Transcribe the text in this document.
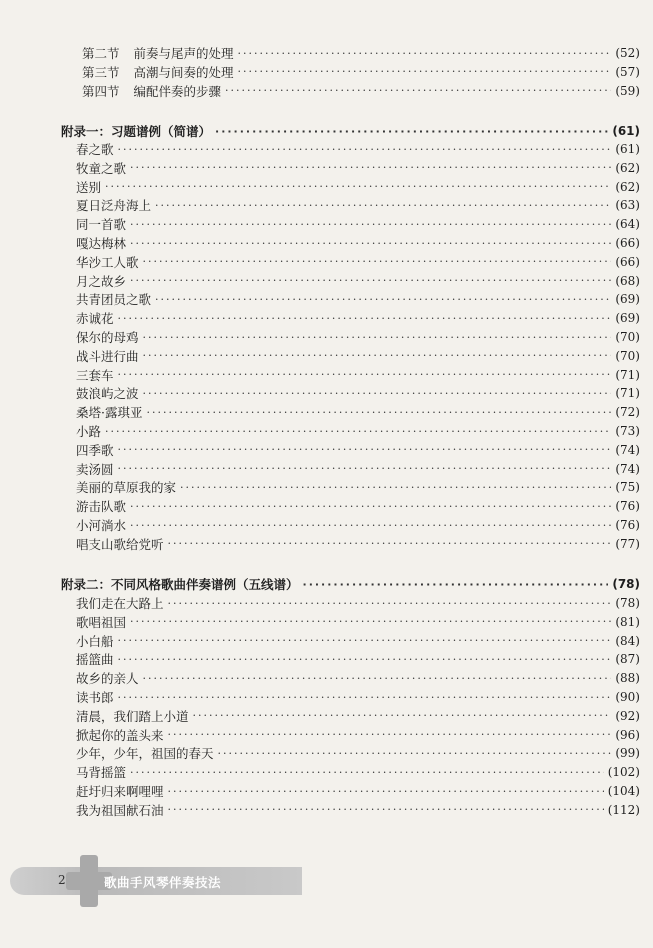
第二节 前奏与尾声的处理 ·····	(52)
第三节 高潮与间奏的处理 ·····	(57)
第四节 编配伴奏的步骤 ·····	(59)
附录一：习题谱例（简谱） ·····	(61)
春之歌 ·····	(61)
牧童之歌 ·····	(62)
送别 ·····	(62)
夏日泛舟海上 ·····	(63)
同一首歌 ·····	(64)
嘎达梅林 ·····	(66)
华沙工人歌 ·····	(66)
月之故乡 ·····	(68)
共青团员之歌 ·····	(69)
赤诚花 ·····	(69)
保尔的母鸡 ·····	(70)
战斗进行曲 ·····	(70)
三套车 ·····	(71)
鼓浪屿之波 ·····	(71)
桑塔·露琪亚 ·····	(72)
小路 ·····	(73)
四季歌 ·····	(74)
卖汤圆 ·····	(74)
美丽的草原我的家 ·····	(75)
游击队歌 ·····	(76)
小河淌水 ·····	(76)
唱支山歌给党听 ·····	(77)
附录二：不同风格歌曲伴奏谱例（五线谱） ·····	(78)
我们走在大路上 ·····	(78)
歌唱祖国 ·····	(81)
小白船 ·····	(84)
摇篮曲 ·····	(87)
故乡的亲人 ·····	(88)
读书郎 ·····	(90)
清晨，我们踏上小道 ·····	(92)
掀起你的盖头来 ·····	(96)
少年，少年，祖国的春天 ·····	(99)
马背摇篮 ·····	(102)
赶圩归来啊哩哩 ·····	(104)
我为祖国献石油 ·····	(112)
2	歌曲手风琴伴奏技法
